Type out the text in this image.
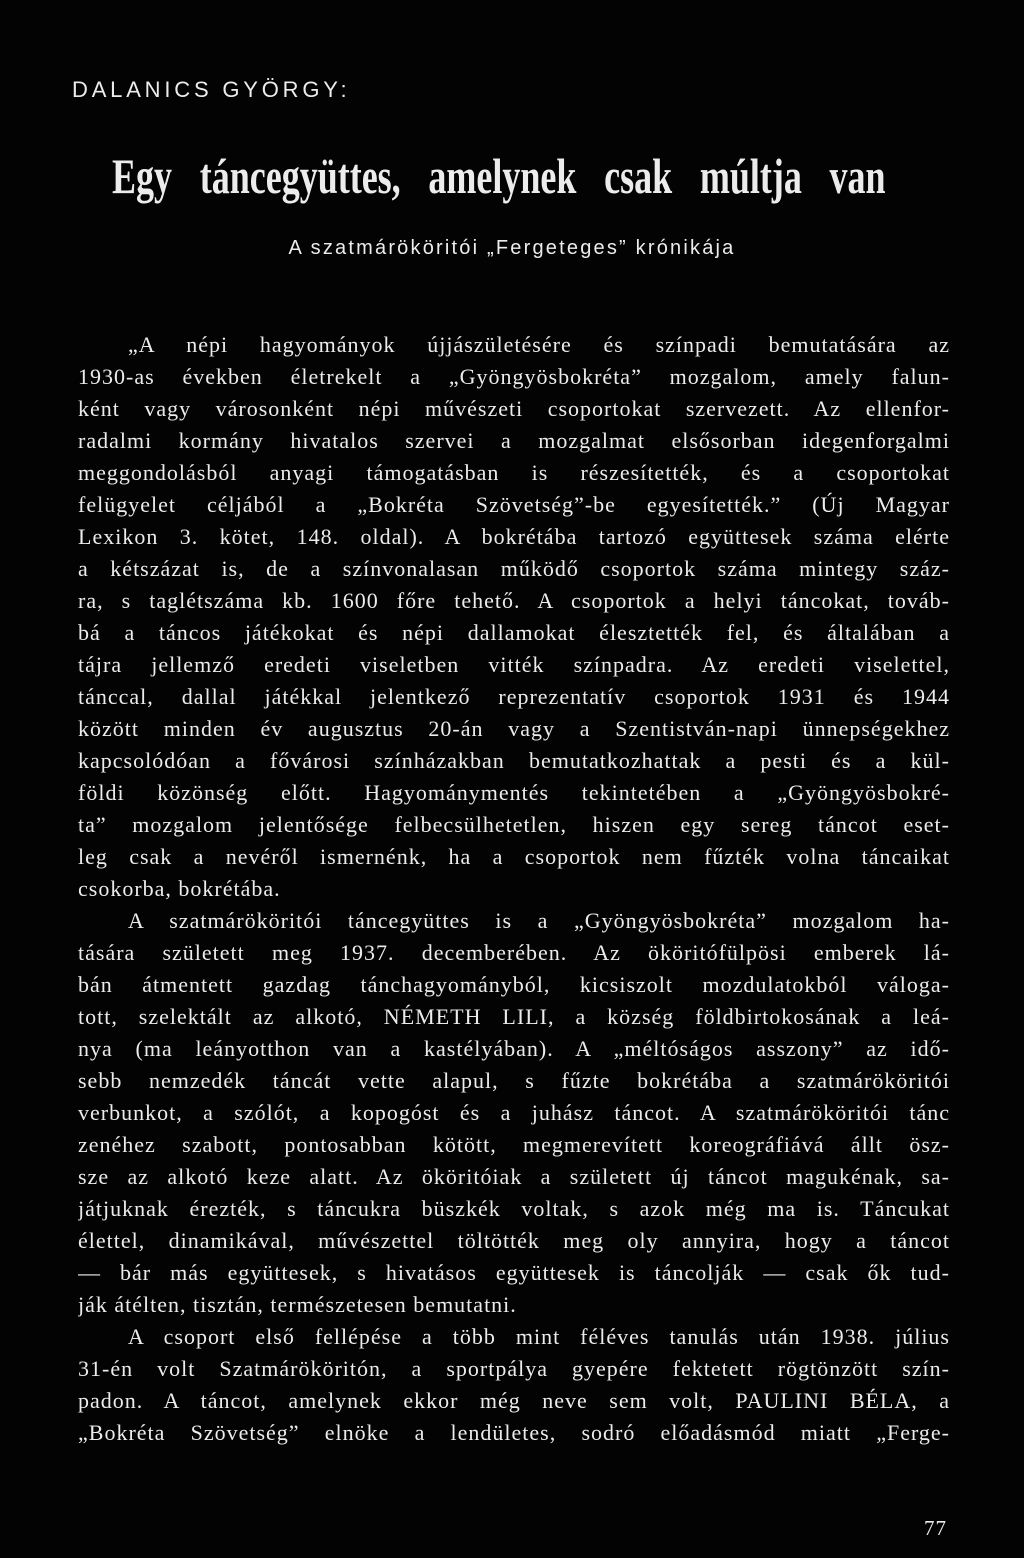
DALANICS GYÖRGY:
Egy táncegyüttes, amelynek csak múltja van
A szatmárököritói „Fergeteges” krónikája
„A népi hagyományok újjászületésére és színpadi bemutatására az
1930-as években életrekelt a „Gyöngyösbokréta” mozgalom, amely falun-
ként vagy városonként népi művészeti csoportokat szervezett. Az ellenfor-
radalmi kormány hivatalos szervei a mozgalmat elsősorban idegenforgalmi
meggondolásból anyagi támogatásban is részesítették, és a csoportokat
felügyelet céljából a „Bokréta Szövetség”-be egyesítették.” (Új Magyar
Lexikon 3. kötet, 148. oldal). A bokrétába tartozó együttesek száma elérte
a kétszázat is, de a színvonalasan működő csoportok száma mintegy száz-
ra, s taglétszáma kb. 1600 főre tehető. A csoportok a helyi táncokat, továb-
bá a táncos játékokat és népi dallamokat élesztették fel, és általában a
tájra jellemző eredeti viseletben vitték színpadra. Az eredeti viselettel,
tánccal, dallal játékkal jelentkező reprezentatív csoportok 1931 és 1944
között minden év augusztus 20-án vagy a Szentistván-napi ünnepségekhez
kapcsolódóan a fővárosi színházakban bemutatkozhattak a pesti és a kül-
földi közönség előtt. Hagyománymentés tekintetében a „Gyöngyösbokré-
ta” mozgalom jelentősége felbecsülhetetlen, hiszen egy sereg táncot eset-
leg csak a nevéről ismernénk, ha a csoportok nem fűzték volna táncaikat
csokorba, bokrétába.
A szatmárököritói táncegyüttes is a „Gyöngyösbokréta” mozgalom ha-
tására született meg 1937. decemberében. Az ököritófülpösi emberek lá-
bán átmentett gazdag tánchagyományból, kicsiszolt mozdulatokból váloga-
tott, szelektált az alkotó, NÉMETH LILI, a község földbirtokosának a leá-
nya (ma leányotthon van a kastélyában). A „méltóságos asszony” az idő-
sebb nemzedék táncát vette alapul, s fűzte bokrétába a szatmárököritói
verbunkot, a szólót, a kopogóst és a juhász táncot. A szatmárököritói tánc
zenéhez szabott, pontosabban kötött, megmerevített koreográfiává állt ösz-
sze az alkotó keze alatt. Az ököritóiak a született új táncot magukénak, sa-
játjuknak érezték, s táncukra büszkék voltak, s azok még ma is. Táncukat
élettel, dinamikával, művészettel töltötték meg oly annyira, hogy a táncot
— bár más együttesek, s hivatásos együttesek is táncolják — csak ők tud-
ják átélten, tisztán, természetesen bemutatni.
A csoport első fellépése a több mint féléves tanulás után 1938. július
31-én volt Szatmárököritón, a sportpálya gyepére fektetett rögtönzött szín-
padon. A táncot, amelynek ekkor még neve sem volt, PAULINI BÉLA, a
„Bokréta Szövetség” elnöke a lendületes, sodró előadásmód miatt „Ferge-
77
